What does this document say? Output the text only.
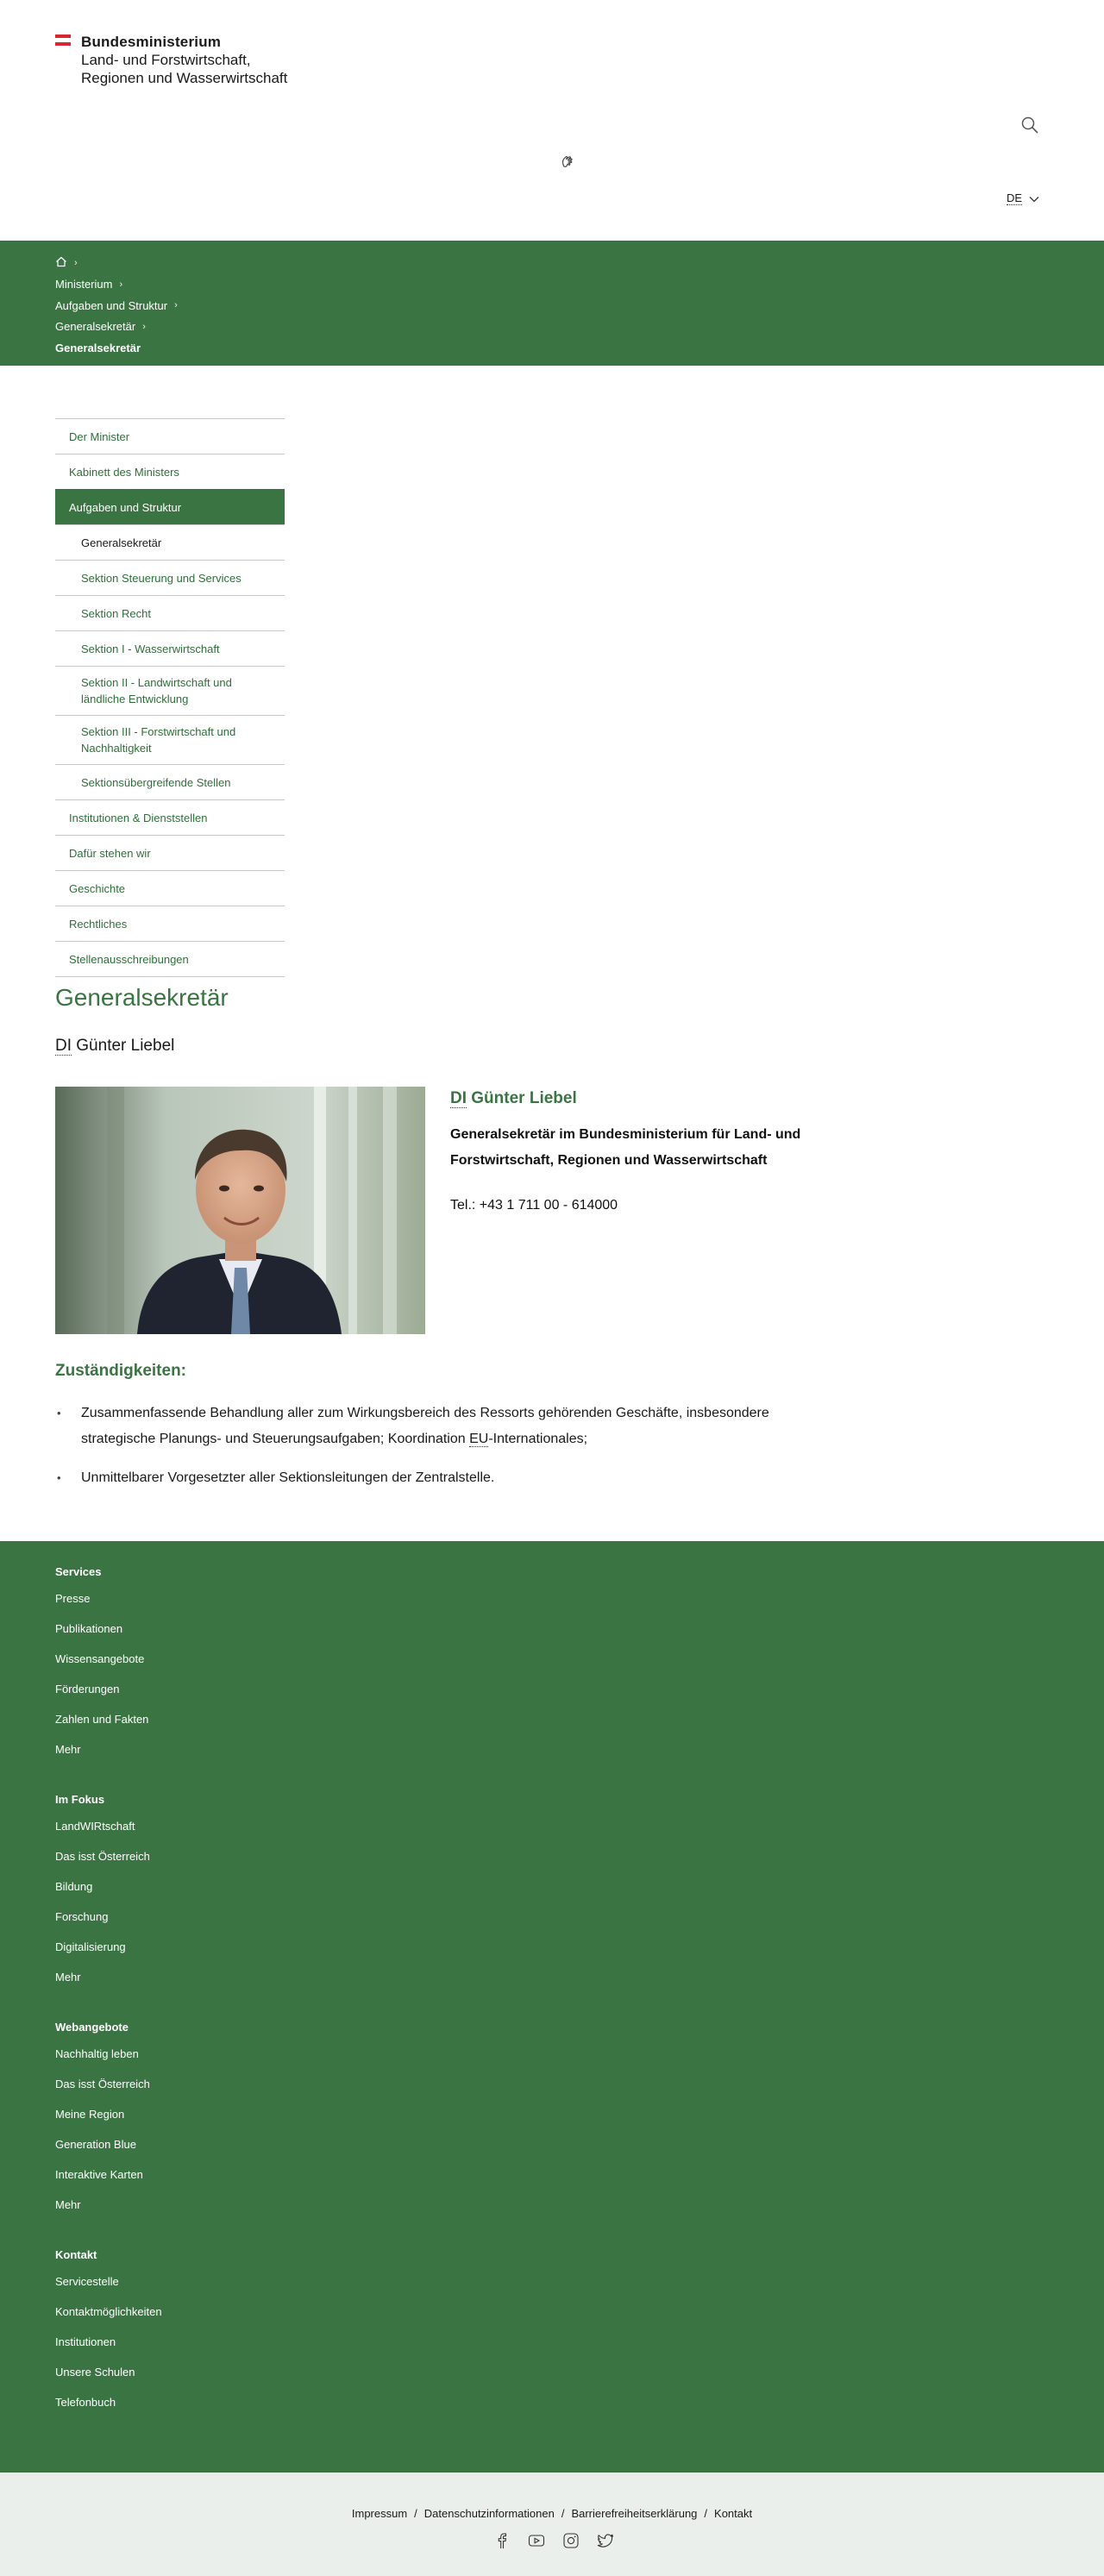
Bundesministerium
Land- und Forstwirtschaft,
Regionen und Wasserwirtschaft
DE
›
Ministerium ›
Aufgaben und Struktur ›
Generalsekretär ›
Generalsekretär
Der Minister
Kabinett des Ministers
Aufgaben und Struktur
Generalsekretär
Sektion Steuerung und Services
Sektion Recht
Sektion I - Wasserwirtschaft
Sektion II - Landwirtschaft und ländliche Entwicklung
Sektion III - Forstwirtschaft und Nachhaltigkeit
Sektionsübergreifende Stellen
Institutionen & Dienststellen
Dafür stehen wir
Geschichte
Rechtliches
Stellenausschreibungen
Generalsekretär
DI Günter Liebel
DI Günter Liebel
Generalsekretär im Bundesministerium für Land- und Forstwirtschaft, Regionen und Wasserwirtschaft
Tel.: +43 1 711 00 - 614000
Zuständigkeiten:
• Zusammenfassende Behandlung aller zum Wirkungsbereich des Ressorts gehörenden Geschäfte, insbesondere strategische Planungs- und Steuerungsaufgaben; Koordination EU-Internationales;
• Unmittelbarer Vorgesetzter aller Sektionsleitungen der Zentralstelle.
Services
Presse
Publikationen
Wissensangebote
Förderungen
Zahlen und Fakten
Mehr
Im Fokus
LandWIRtschaft
Das isst Österreich
Bildung
Forschung
Digitalisierung
Mehr
Webangebote
Nachhaltig leben
Das isst Österreich
Meine Region
Generation Blue
Interaktive Karten
Mehr
Kontakt
Servicestelle
Kontaktmöglichkeiten
Institutionen
Unsere Schulen
Telefonbuch
Impressum / Datenschutzinformationen / Barrierefreiheitserklärung / Kontakt
